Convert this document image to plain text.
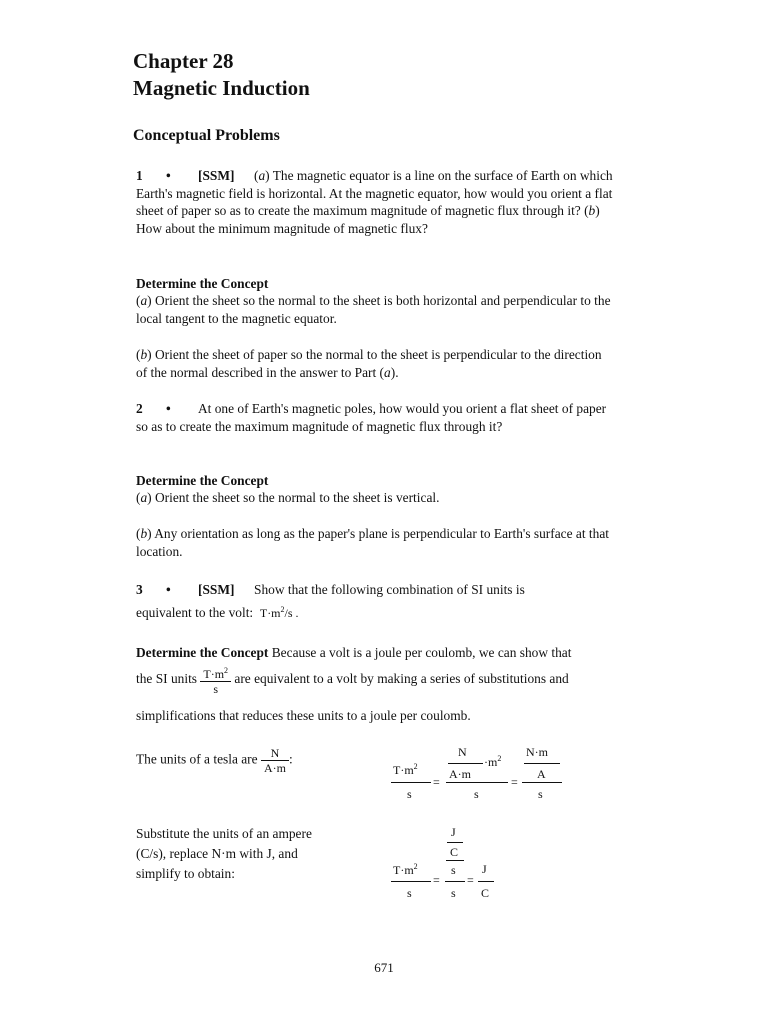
Chapter 28
Magnetic Induction
Conceptual Problems
1 • [SSM] (a) The magnetic equator is a line on the surface of Earth on which Earth's magnetic field is horizontal. At the magnetic equator, how would you orient a flat sheet of paper so as to create the maximum magnitude of magnetic flux through it? (b) How about the minimum magnitude of magnetic flux?
Determine the Concept
(a) Orient the sheet so the normal to the sheet is both horizontal and perpendicular to the local tangent to the magnetic equator.
(b) Orient the sheet of paper so the normal to the sheet is perpendicular to the direction of the normal described in the answer to Part (a).
2 • At one of Earth's magnetic poles, how would you orient a flat sheet of paper so as to create the maximum magnitude of magnetic flux through it?
Determine the Concept
(a) Orient the sheet so the normal to the sheet is vertical.
(b) Any orientation as long as the paper's plane is perpendicular to Earth's surface at that location.
3 • [SSM] Show that the following combination of SI units is
equivalent to the volt: $T\cdot m^2/s$ .
Determine the Concept Because a volt is a joule per coulomb, we can show that
the SI units $\frac{T\cdot m^2}{s}$ are equivalent to a volt by making a series of substitutions and
simplifications that reduces these units to a joule per coulomb.
The units of a tesla are $\frac{N}{A\cdot m}$ :
$T\cdot m^2$
s
=
N
A·m
$\cdot m^2$
s
=
N·m
A
s
Substitute the units of an ampere
(C/s), replace N·m with J, and
simplify to obtain:	$T\cdot m^2$
s
=
J
C
s
s
=
J
C
671
